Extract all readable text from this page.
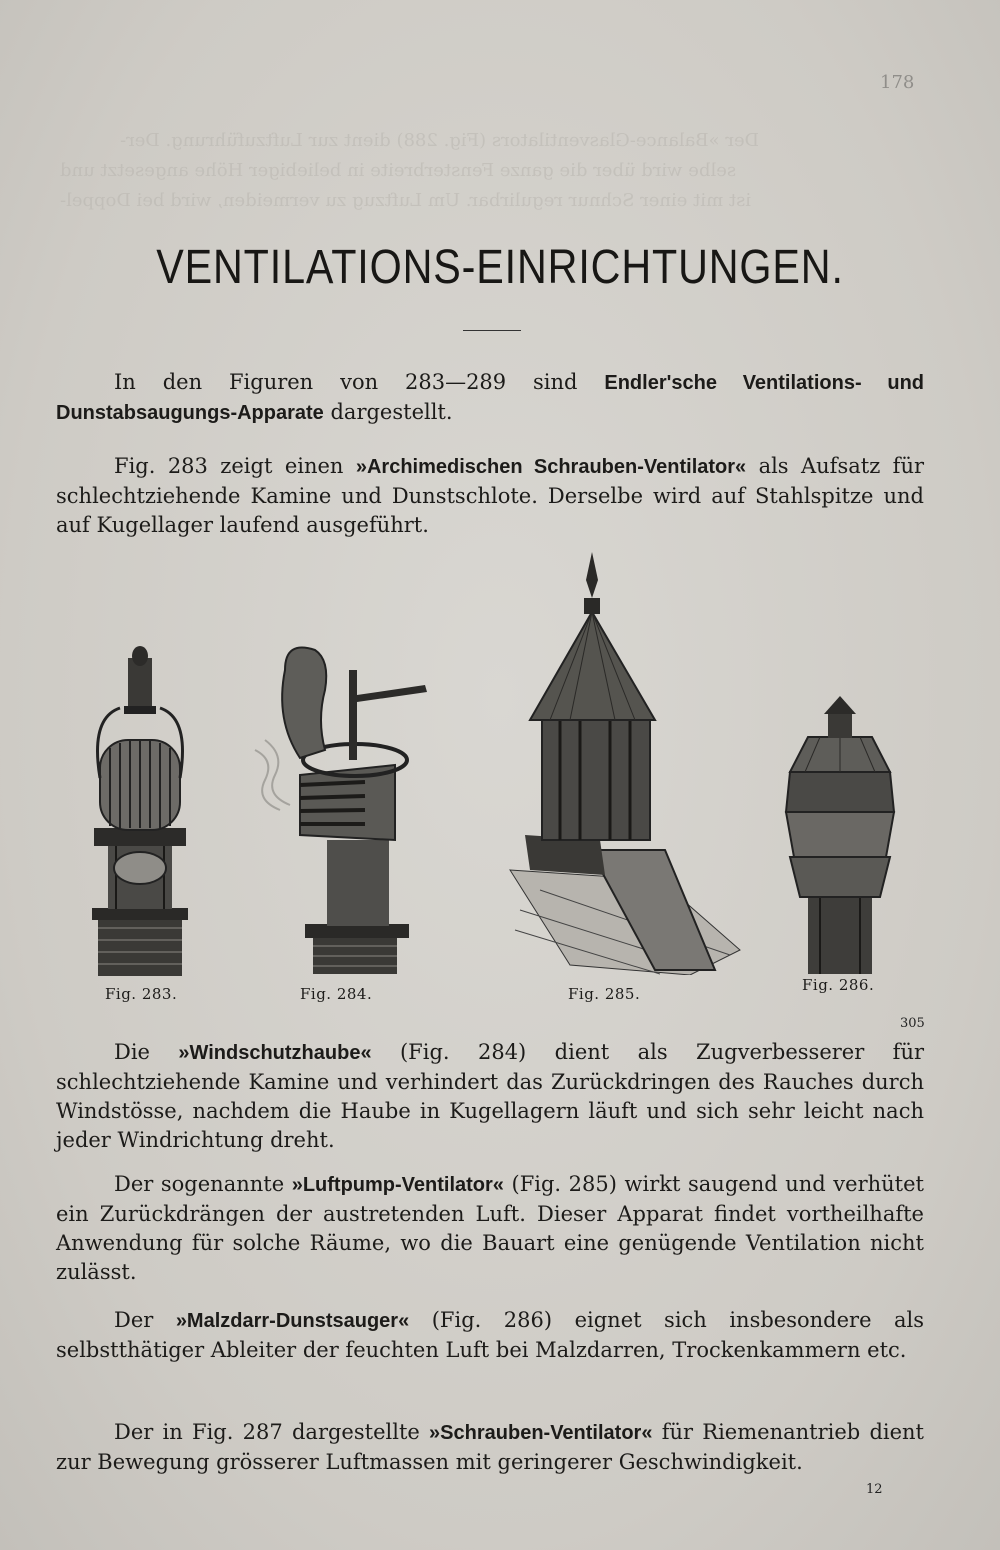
Der »Balance-Glasventilators (Fig. 288) dient zur Luftzuführung. Der-
selbe wird über die ganze Fensterbreite in beliebiger Höhe angesetzt und
ist mit einer Schnur regulirbar. Um Luftzug zu vermeiden, wird bei Doppel-
178
VENTILATIONS-EINRICHTUNGEN.

In den Figuren von 283—289 sind Endler'sche Ventilations- und Dunstabsaugungs-Apparate dargestellt.

Fig. 283 zeigt einen »Archimedischen Schrauben-Ventilator« als Aufsatz für schlechtziehende Kamine und Dunstschlote. Derselbe wird auf Stahlspitze und auf Kugellager laufend ausgeführt.

Fig. 283.	Fig. 284.	Fig. 285.	Fig. 286.
305

Die »Windschutzhaube« (Fig. 284) dient als Zugverbesserer für schlechtziehende Kamine und verhindert das Zurückdringen des Rauches durch Windstösse, nachdem die Haube in Kugellagern läuft und sich sehr leicht nach jeder Windrichtung dreht.

Der sogenannte »Luftpump-Ventilator« (Fig. 285) wirkt saugend und verhütet ein Zurückdrängen der austretenden Luft. Dieser Apparat findet vortheilhafte Anwendung für solche Räume, wo die Bauart eine genügende Ventilation nicht zulässt.

Der »Malzdarr-Dunstsauger« (Fig. 286) eignet sich insbesondere als selbstthätiger Ableiter der feuchten Luft bei Malzdarren, Trockenkammern etc.

Der in Fig. 287 dargestellte »Schrauben-Ventilator« für Riemenantrieb dient zur Bewegung grösserer Luftmassen mit geringerer Geschwindigkeit.

12
